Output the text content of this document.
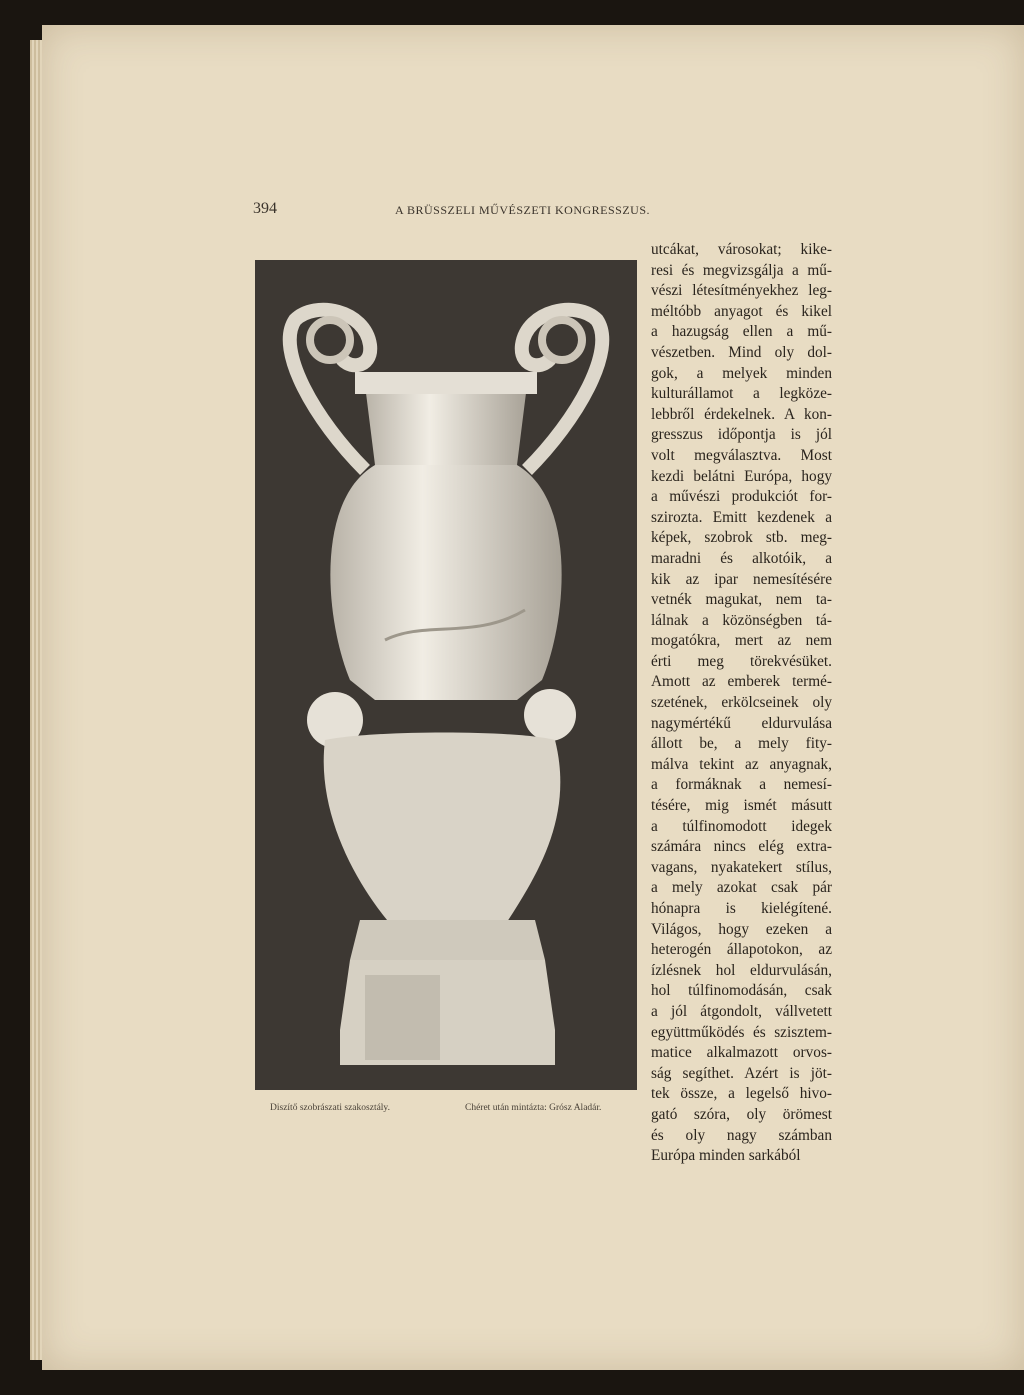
394	A BRÜSSZELI MŰVÉSZETI KONGRESSZUS.
Diszítő szobrászati szakosztály.	Chéret után mintázta: Grósz Aladár.
utcákat, városokat; kike-
resi és megvizsgálja a mű-
vészi létesítményekhez leg-
méltóbb anyagot és kikel
a hazugság ellen a mű-
vészetben. Mind oly dol-
gok, a melyek minden
kulturállamot a legköze-
lebbről érdekelnek. A kon-
gresszus időpontja is jól
volt megválasztva. Most
kezdi belátni Európa, hogy
a művészi produkciót for-
szirozta. Emitt kezdenek a
képek, szobrok stb. meg-
maradni és alkotóik, a
kik az ipar nemesítésére
vetnék magukat, nem ta-
lálnak a közönségben tá-
mogatókra, mert az nem
érti meg törekvésüket.
Amott az emberek termé-
szetének, erkölcseinek oly
nagymértékű eldurvulása
állott be, a mely fity-
málva tekint az anyagnak,
a formáknak a nemesí-
tésére, mig ismét másutt
a túlfinomodott idegek
számára nincs elég extra-
vagans, nyakatekert stílus,
a mely azokat csak pár
hónapra is kielégítené.
Világos, hogy ezeken a
heterogén állapotokon, az
ízlésnek hol eldurvulásán,
hol túlfinomodásán, csak
a jól átgondolt, vállvetett
együttműködés és szisztem-
matice alkalmazott orvos-
ság segíthet. Azért is jöt-
tek össze, a legelső hivo-
gató szóra, oly örömest
és oly nagy számban
Európa minden sarkából
